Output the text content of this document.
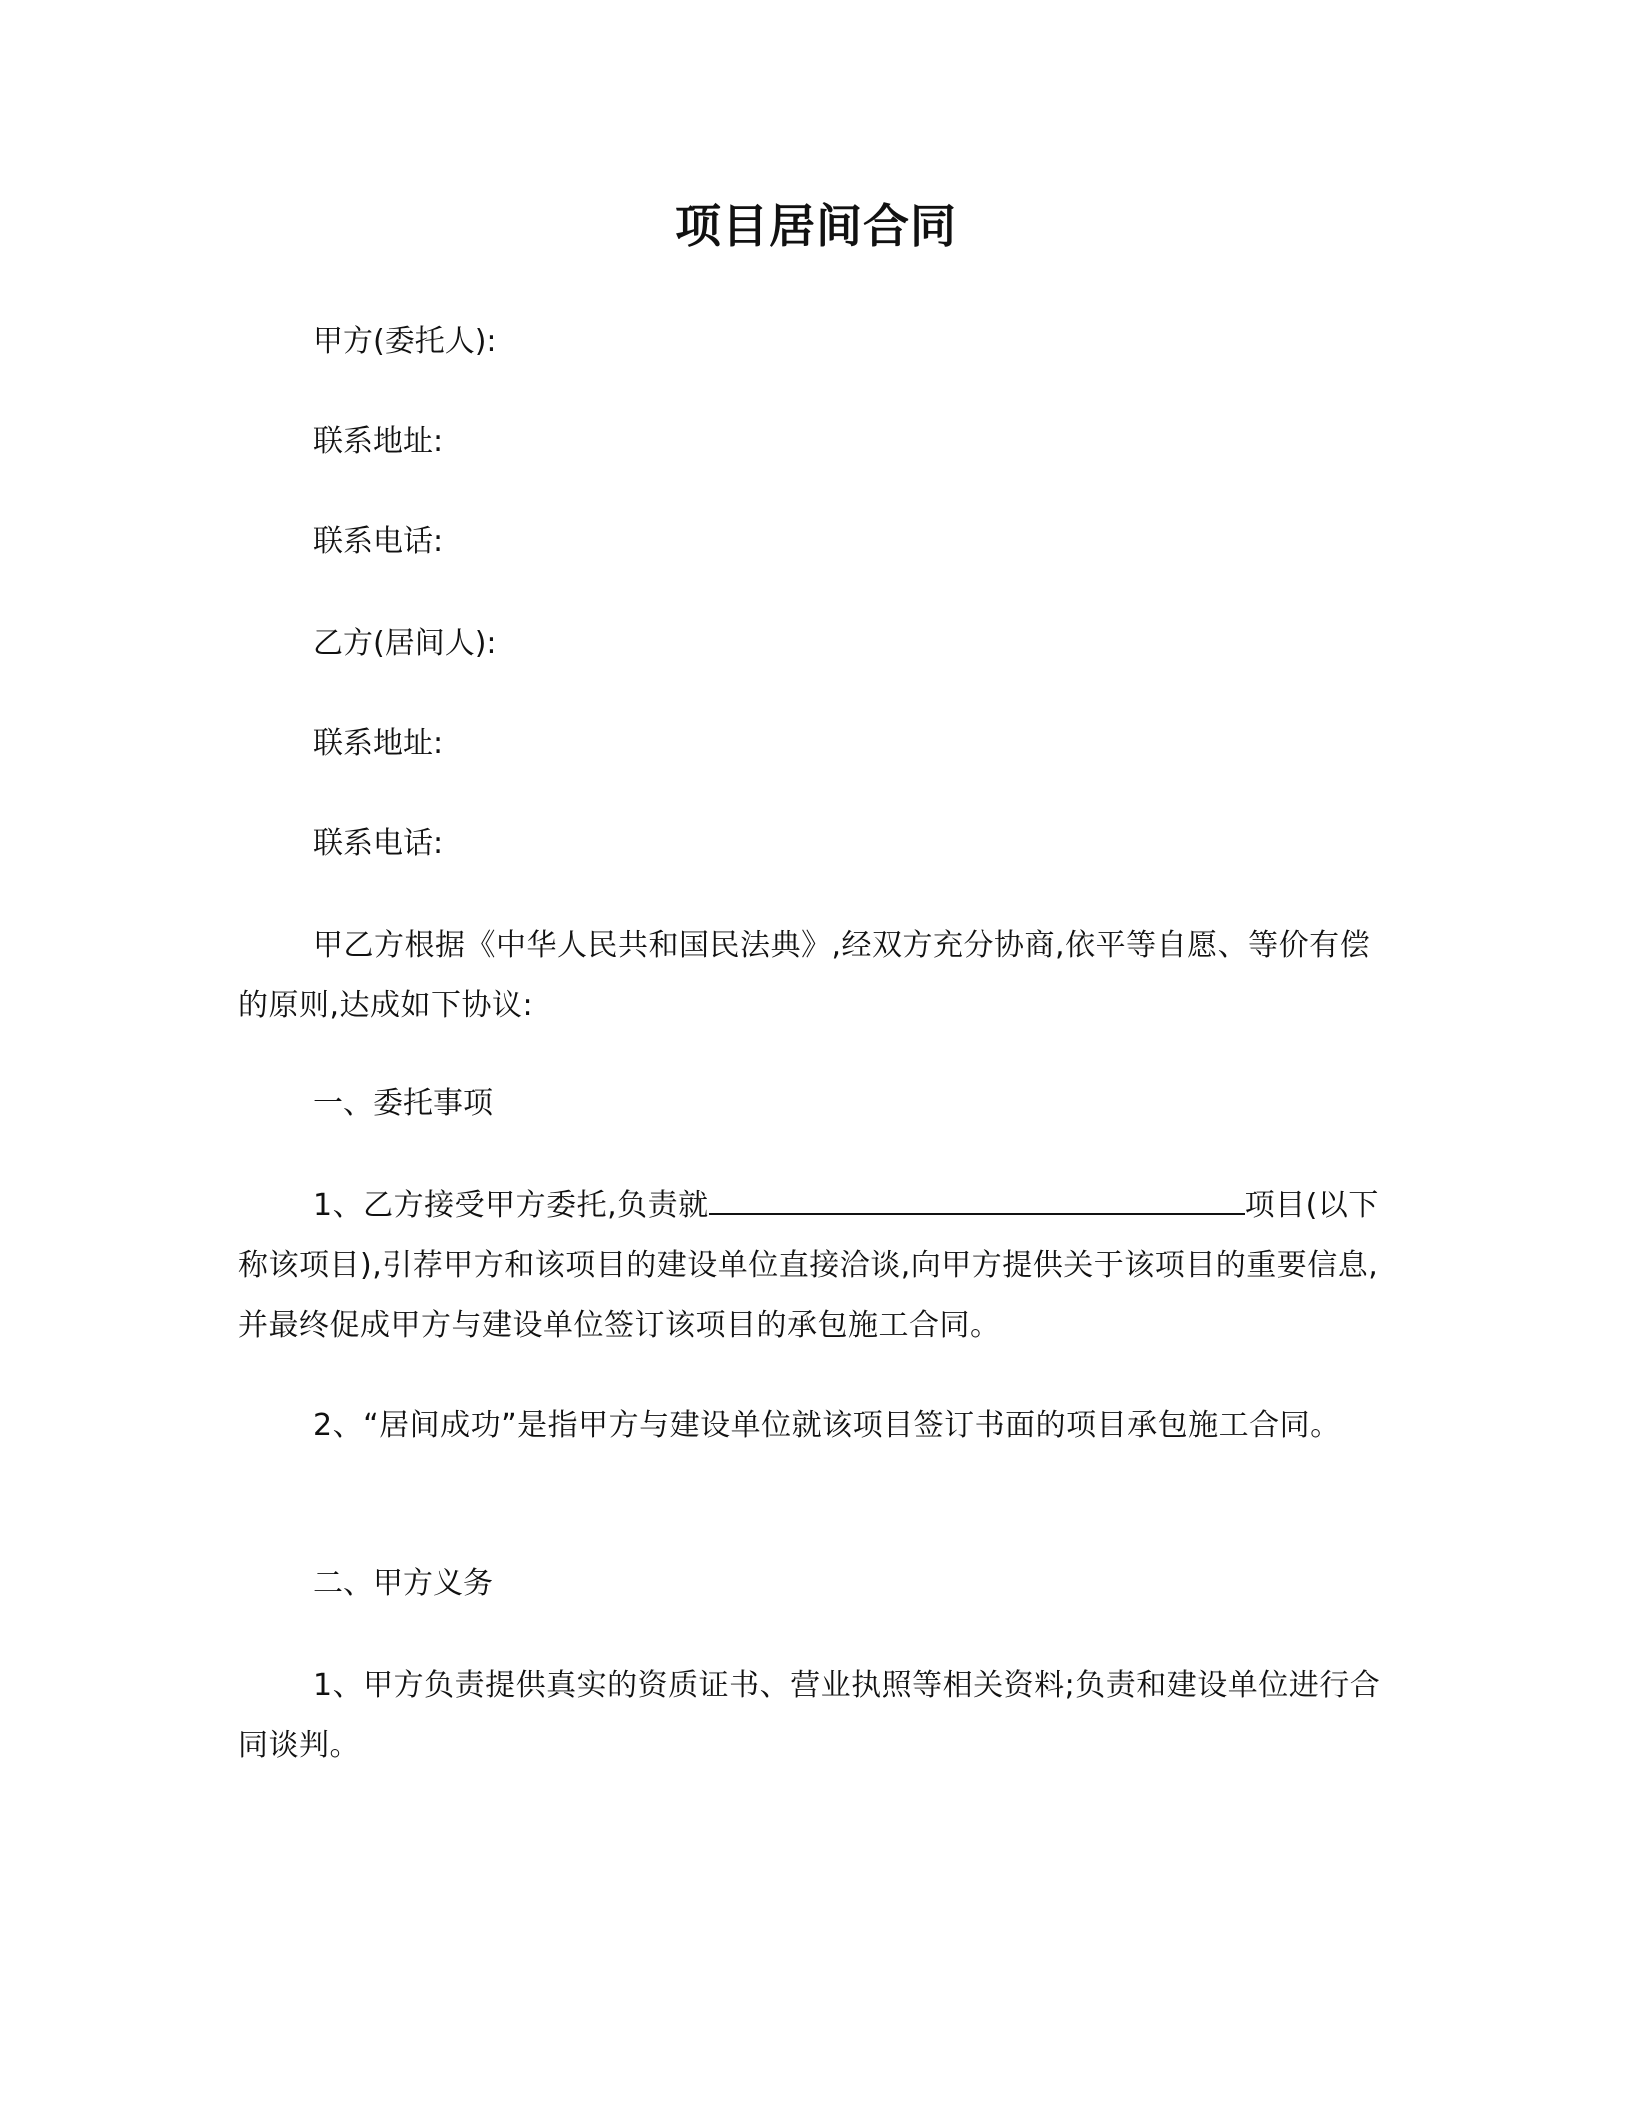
项目居间合同
甲方(委托人):
联系地址:
联系电话:
乙方(居间人):
联系地址:
联系电话:
甲乙方根据《中华人民共和国民法典》,经双方充分协商,依平等自愿、等价有偿的原则,达成如下协议:
一、委托事项
1、乙方接受甲方委托,负责就	项目(以下称该项目),引荐甲方和该项目的建设单位直接洽谈,向甲方提供关于该项目的重要信息,并最终促成甲方与建设单位签订该项目的承包施工合同。
2、“居间成功”是指甲方与建设单位就该项目签订书面的项目承包施工合同。
二、甲方义务
1、甲方负责提供真实的资质证书、营业执照等相关资料;负责和建设单位进行合同谈判。
